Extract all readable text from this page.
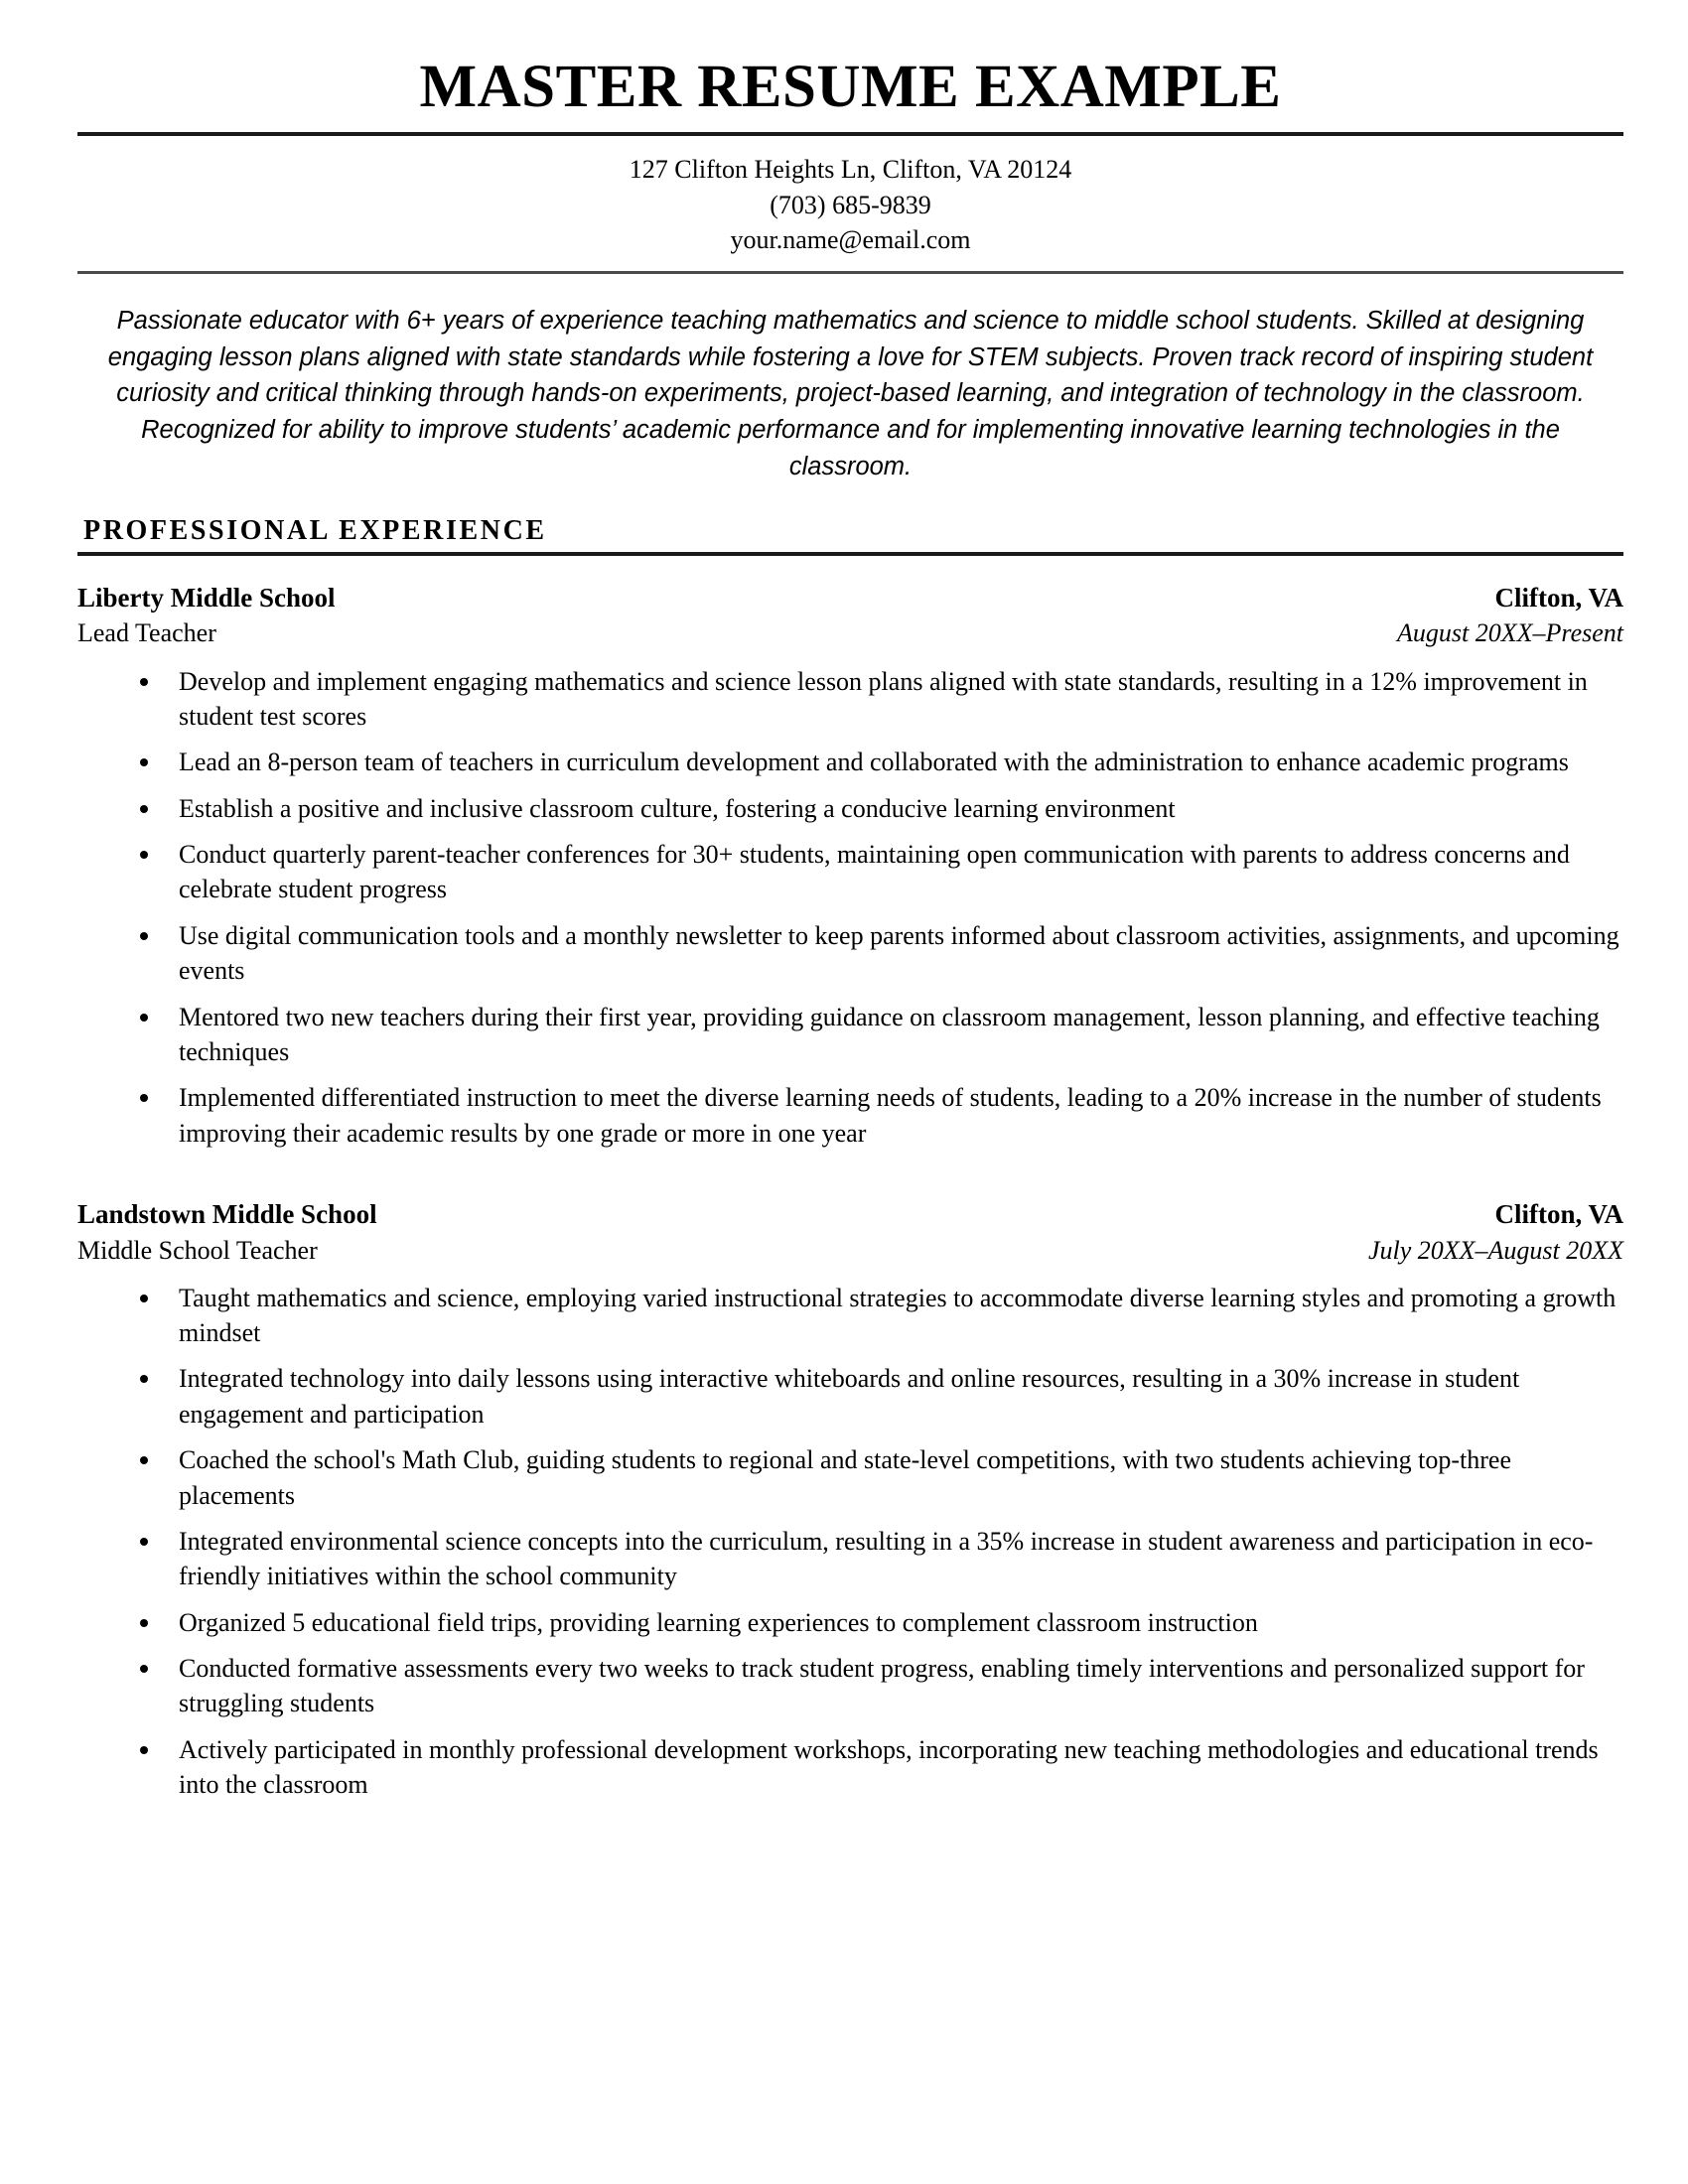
MASTER RESUME EXAMPLE

127 Clifton Heights Ln, Clifton, VA 20124

(703) 685-9839

your.name@email.com

Passionate educator with 6+ years of experience teaching mathematics and science to middle school students. Skilled at designing engaging lesson plans aligned with state standards while fostering a love for STEM subjects. Proven track record of inspiring student curiosity and critical thinking through hands-on experiments, project-based learning, and integration of technology in the classroom. Recognized for ability to improve students’ academic performance and for implementing innovative learning technologies in the classroom.

PROFESSIONAL EXPERIENCE
Liberty Middle School	Clifton, VA
Lead Teacher	August 20XX–Present
Develop and implement engaging mathematics and science lesson plans aligned with state standards, resulting in a 12% improvement in student test scores
Lead an 8-person team of teachers in curriculum development and collaborated with the administration to enhance academic programs
Establish a positive and inclusive classroom culture, fostering a conducive learning environment
Conduct quarterly parent-teacher conferences for 30+ students, maintaining open communication with parents to address concerns and celebrate student progress
Use digital communication tools and a monthly newsletter to keep parents informed about classroom activities, assignments, and upcoming events
Mentored two new teachers during their first year, providing guidance on classroom management, lesson planning, and effective teaching techniques
Implemented differentiated instruction to meet the diverse learning needs of students, leading to a 20% increase in the number of students improving their academic results by one grade or more in one year
Landstown Middle School	Clifton, VA
Middle School Teacher	July 20XX–August 20XX
Taught mathematics and science, employing varied instructional strategies to accommodate diverse learning styles and promoting a growth mindset
Integrated technology into daily lessons using interactive whiteboards and online resources, resulting in a 30% increase in student engagement and participation
Coached the school's Math Club, guiding students to regional and state-level competitions, with two students achieving top-three placements
Integrated environmental science concepts into the curriculum, resulting in a 35% increase in student awareness and participation in eco-friendly initiatives within the school community
Organized 5 educational field trips, providing learning experiences to complement classroom instruction
Conducted formative assessments every two weeks to track student progress, enabling timely interventions and personalized support for struggling students
Actively participated in monthly professional development workshops, incorporating new teaching methodologies and educational trends into the classroom
